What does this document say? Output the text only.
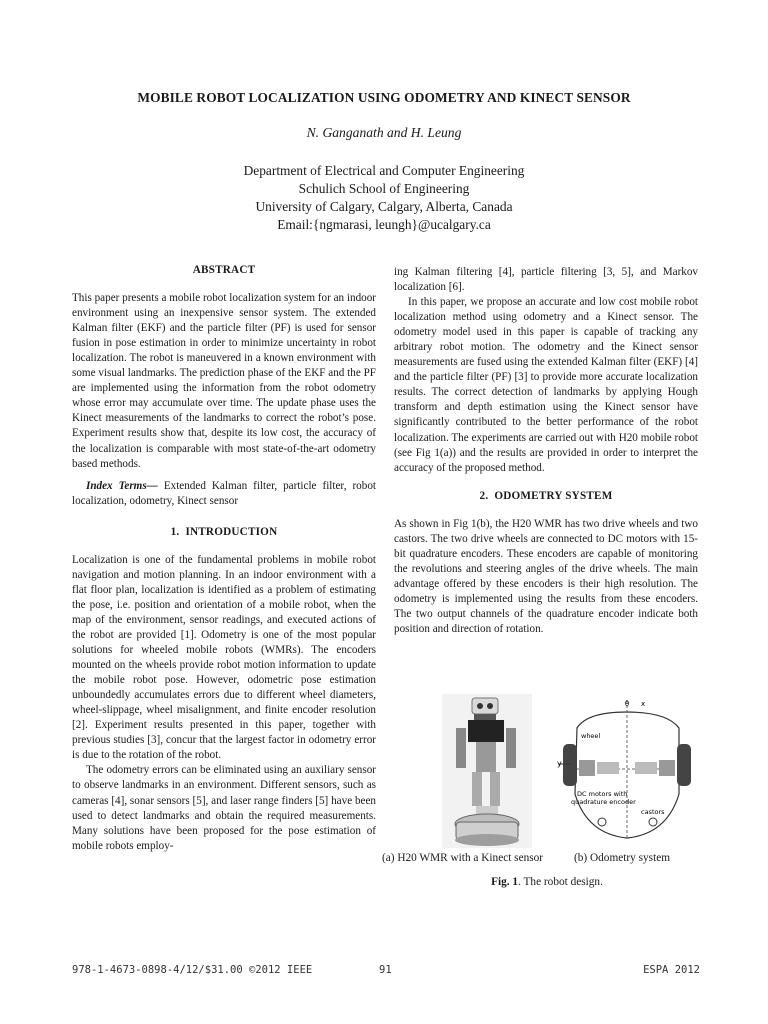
MOBILE ROBOT LOCALIZATION USING ODOMETRY AND KINECT SENSOR
N. Ganganath and H. Leung
Department of Electrical and Computer Engineering
Schulich School of Engineering
University of Calgary, Calgary, Alberta, Canada
Email:{ngmarasi, leungh}@ucalgary.ca
ABSTRACT

This paper presents a mobile robot localization system for an indoor environment using an inexpensive sensor system. The extended Kalman filter (EKF) and the particle filter (PF) is used for sensor fusion in pose estimation in order to minimize uncertainty in robot localization. The robot is maneuvered in a known environment with some visual landmarks. The prediction phase of the EKF and the PF are implemented using the information from the robot odometry whose error may accumulate over time. The update phase uses the Kinect measurements of the landmarks to correct the robot’s pose. Experiment results show that, despite its low cost, the accuracy of the localization is comparable with most state-of-the-art odometry based methods.

Index Terms— Extended Kalman filter, particle filter, robot localization, odometry, Kinect sensor

1. INTRODUCTION

Localization is one of the fundamental problems in mobile robot navigation and motion planning. In an indoor environment with a flat floor plan, localization is identified as a problem of estimating the pose, i.e. position and orientation of a mobile robot, when the map of the environment, sensor readings, and executed actions of the robot are provided [1]. Odometry is one of the most popular solutions for wheeled mobile robots (WMRs). The encoders mounted on the wheels provide robot motion information to update the mobile robot pose. However, odometric pose estimation unboundedly accumulates errors due to different wheel diameters, wheel-slippage, wheel misalignment, and finite encoder resolution [2]. Experiment results presented in this paper, together with previous studies [3], concur that the largest factor in odometry error is due to the rotation of the robot.

The odometry errors can be eliminated using an auxiliary sensor to observe landmarks in an environment. Different sensors, such as cameras [4], sonar sensors [5], and laser range finders [5] have been used to detect landmarks and obtain the required measurements. Many solutions have been proposed for the pose estimation of mobile robots employ-

ing Kalman filtering [4], particle filtering [3, 5], and Markov localization [6].

In this paper, we propose an accurate and low cost mobile robot localization method using odometry and a Kinect sensor. The odometry model used in this paper is capable of tracking any arbitrary robot motion. The odometry and the Kinect sensor measurements are fused using the extended Kalman filter (EKF) [4] and the particle filter (PF) [3] to provide more accurate localization results. The correct detection of landmarks by applying Hough transform and depth estimation using the Kinect sensor have significantly contributed to the better performance of the robot localization. The experiments are carried out with H20 mobile robot (see Fig 1(a)) and the results are provided in order to interpret the accuracy of the proposed method.

2. ODOMETRY SYSTEM

As shown in Fig 1(b), the H20 WMR has two drive wheels and two castors. The two drive wheels are connected to DC motors with 15-bit quadrature encoders. These encoders are capable of monitoring the revolutions and steering angles of the drive wheels. The main advantage offered by these encoders is their high resolution. The odometry is implemented using the results from these encoders. The two output channels of the quadrature encoder indicate both position and direction of rotation.

θ x
y
wheel
DC motors with
quadrature encoder
castors
(a) H20 WMR with a Kinect sensor	(b) Odometry system
Fig. 1. The robot design.
978-1-4673-0898-4/12/$31.00 ©2012 IEEE	91	ESPA 2012
